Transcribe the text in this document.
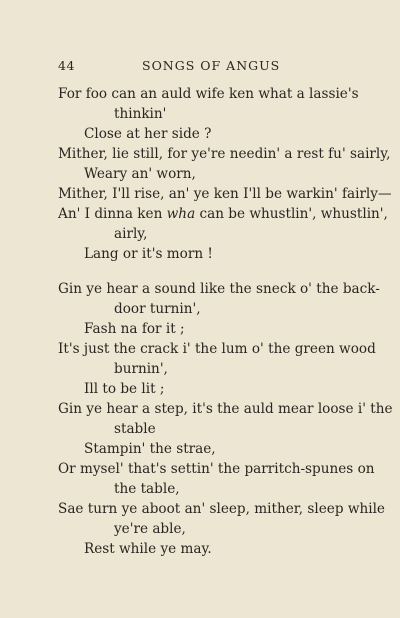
44	SONGS OF ANGUS
For foo can an auld wife ken what a lassie's
thinkin'
Close at her side ?
Mither, lie still, for ye're needin' a rest fu' sairly,
Weary an' worn,
Mither, I'll rise, an' ye ken I'll be warkin' fairly—
An' I dinna ken wha can be whustlin', whustlin',
airly,
Lang or it's morn !
Gin ye hear a sound like the sneck o' the back-
door turnin',
Fash na for it ;
It's just the crack i' the lum o' the green wood
burnin',
Ill to be lit ;
Gin ye hear a step, it's the auld mear loose i' the
stable
Stampin' the strae,
Or mysel' that's settin' the parritch-spunes on
the table,
Sae turn ye aboot an' sleep, mither, sleep while
ye're able,
Rest while ye may.
